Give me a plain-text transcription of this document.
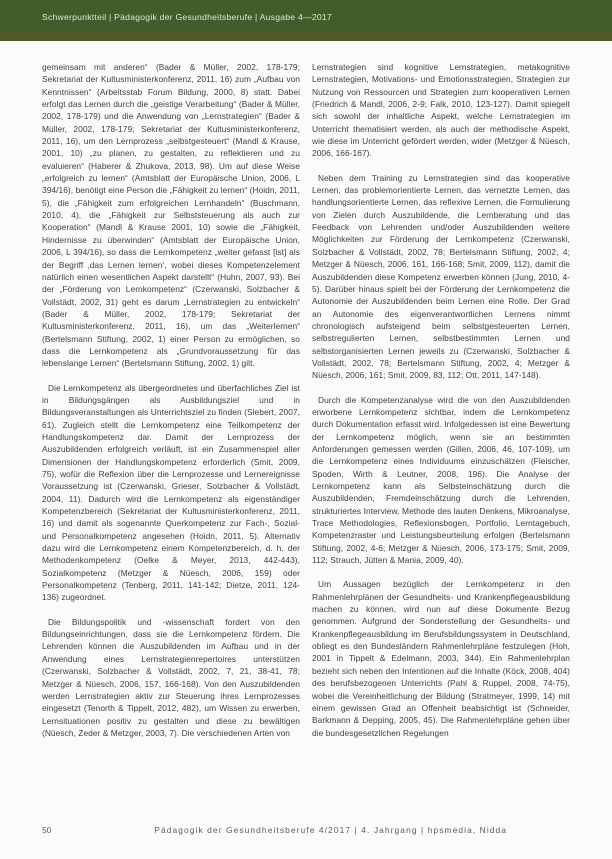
Schwerpunktteil | Pädagogik der Gesundheitsberufe | Ausgabe 4—2017

gemeinsam mit anderen“ (Bader & Müller, 2002, 178-179; Sekretariat der Kultusministerkonferenz, 2011, 16) zum „Aufbau von Kenntnissen“ (Arbeitsstab Forum Bildung, 2000, 8) statt. Dabei erfolgt das Lernen durch die „geistige Verarbeitung“ (Bader & Müller, 2002, 178-179) und die Anwendung von „Lernstrategien“ (Bader & Müller, 2002, 178-179; Sekretariat der Kultusministerkonferenz, 2011, 16), um den Lernprozess „selbstgesteuert“ (Mandl & Krause, 2001, 10) „zu planen, zu gestalten, zu reflektieren und zu evaluieren“ (Haberer & Zhukova, 2013, 98). Um auf diese Weise „erfolgreich zu lernen“ (Amtsblatt der Europäische Union, 2006, L 394/16), benötigt eine Person die „Fähigkeit zu lernen“ (Hoidn, 2011, 5), die „Fähigkeit zum erfolgreichen Lernhandeln“ (Buschmann, 2010, 4), die „Fähigkeit zur Selbststeuerung als auch zur Kooperation“ (Mandl & Krause 2001, 10) sowie die „Fähigkeit, Hindernisse zu überwinden“ (Amtsblatt der Europäische Union, 2006, L 394/16), so dass die Lernkompetenz „weiter gefasst [ist] als der Begriff ‚das Lernen lernen‘, wobei dieses Kompetenzelement natürlich einen wesentlichen Aspekt darstellt“ (Huhn, 2007, 93). Bei der „Förderung von Lernkompetenz“ (Czerwanski, Solzbacher & Vollstädt, 2002, 31) geht es darum „Lernstrategien zu entwickeln“ (Bader & Müller, 2002, 178-179; Sekretariat der Kultusministerkonferenz, 2011, 16), um das „Weiterlernen“ (Bertelsmann Stiftung, 2002, 1) einer Person zu ermöglichen, so dass die Lernkompetenz als „Grundvoraussetzung für das lebenslange Lernen“ (Bertelsmann Stiftung, 2002, 1) gilt.

Die Lernkompetenz als übergeordnetes und überfachliches Ziel ist in Bildungsgängen als Ausbildungsziel und in Bildungsveranstaltungen als Unterrichtsziel zu finden (Siebert, 2007, 61). Zugleich stellt die Lernkompetenz eine Teilkompetenz der Handlungskompetenz dar. Damit der Lernprozess der Auszubildenden erfolgreich verläuft, ist ein Zusammenspiel aller Dimensionen der Handlungskompetenz erforderlich (Smit, 2009, 75), wofür die Reflexion über die Lernprozesse und Lernereignisse Voraussetzung ist (Czerwanski, Grieser, Solzbacher & Vollstädt, 2004, 11). Dadurch wird die Lernkompetenz als eigenständiger Kompetenzbereich (Sekretariat der Kultusministerkonferenz, 2011, 16) und damit als sogenannte Querkompetenz zur Fach-, Sozial- und Personalkompetenz angesehen (Hoidn, 2011, 5). Alternativ dazu wird die Lernkompetenz einem Kompetenzbereich, d. h. der Methodenkompetenz (Oelke & Meyer, 2013, 442-443), Sozialkompetenz (Metzger & Nüesch, 2006, 159) oder Personalkompetenz (Tenberg, 2011, 141-142; Dietze, 2011, 124-136) zugeordnet.

Die Bildungspolitik und -wissenschaft fordert von den Bildungseinrichtungen, dass sie die Lernkompetenz fördern. Die Lehrenden können die Auszubildenden im Aufbau und in der Anwendung eines Lernstrategienrepertoires unterstützen (Czerwanski, Solzbacher & Vollstädt, 2002, 7, 21, 38-41, 78; Metzger & Nüesch, 2006, 157, 166-168). Von den Auszubildenden werden Lernstrategien aktiv zur Steuerung ihres Lernprozesses eingesetzt (Tenorth & Tippelt, 2012, 482), um Wissen zu erwerben, Lernsituationen positiv zu gestalten und diese zu bewältigen (Nüesch, Zeder & Metzger, 2003, 7). Die verschiedenen Arten von

Lernstrategien sind kognitive Lernstrategien, metakognitive Lernstrategien, Motivations- und Emotionsstrategien, Strategien zur Nutzung von Ressourcen und Strategien zum kooperativen Lernen (Friedrich & Mandl, 2006, 2-9; Falk, 2010, 123-127). Damit spiegelt sich sowohl der inhaltliche Aspekt, welche Lernstrategien im Unterricht thematisiert werden, als auch der methodische Aspekt, wie diese im Unterricht gefördert werden, wider (Metzger & Nüesch, 2006, 166-167).

Neben dem Training zu Lernstrategien sind das kooperative Lernen, das problemorientierte Lernen, das vernetzte Lernen, das handlungsorientierte Lernen, das reflexive Lernen, die Formulierung von Zielen durch Auszubildende, die Lernberatung und das Feedback von Lehrenden und/oder Auszubildenden weitere Möglichkeiten zur Förderung der Lernkompetenz (Czerwanski, Solzbacher & Vollstädt, 2002, 78; Bertelsmann Stiftung, 2002, 4; Metzger & Nüesch, 2006, 161, 166-168; Smit, 2009, 112), damit die Auszubildenden diese Kompetenz erwerben können (Jung, 2010, 4-5). Darüber hinaus spielt bei der Förderung der Lernkompetenz die Autonomie der Auszubildenden beim Lernen eine Rolle. Der Grad an Autonomie des eigenverantwortlichen Lernens nimmt chronologisch aufsteigend beim selbstgesteuerten Lernen, selbstregulierten Lernen, selbstbestimmten Lernen und selbstorganisierten Lernen jeweils zu (Czerwanski, Solzbacher & Vollstädt, 2002, 78; Bertelsmann Stiftung, 2002, 4; Metzger & Nüesch, 2006, 161; Smit, 2009, 83, 112; Ott, 2011, 147-148).

Durch die Kompetenzanalyse wird die von den Auszubildenden erworbene Lernkompetenz sichtbar, indem die Lernkompetenz durch Dokumentation erfasst wird. Infolgedessen ist eine Bewertung der Lernkompetenz möglich, wenn sie an bestimmten Anforderungen gemessen werden (Gillen, 2006, 46, 107-109), um die Lernkompetenz eines Individuums einzuschätzen (Fleischer, Spoden, Wirth & Leutner, 2008, 196). Die Analyse der Lernkompetenz kann als Selbsteinschätzung durch die Auszubildenden, Fremdeinschätzung durch die Lehrenden, strukturiertes Interview, Methode des lauten Denkens, Mikroanalyse, Trace Methodologies, Reflexionsbogen, Portfolio, Lerntagebuch, Kompetenzraster und Leistungsbeurteilung erfolgen (Bertelsmann Stiftung, 2002, 4-6; Metzger & Nüesch, 2006, 173-175; Smit, 2009, 112; Strauch, Jütten & Mania, 2009, 40).

Um Aussagen bezüglich der Lernkompetenz in den Rahmenlehrplänen der Gesundheits- und Krankenpflegeausbildung machen zu können, wird nun auf diese Dokumente Bezug genommen. Aufgrund der Sonderstellung der Gesundheits- und Krankenpflegeausbildung im Berufsbildungssystem in Deutschland, obliegt es den Bundesländern Rahmenlehrpläne festzulegen (Hoh, 2001 in Tippelt & Edelmann, 2003, 344). Ein Rahmenlehrplan bezieht sich neben den Intentionen auf die Inhalte (Köck, 2008, 404) des berufsbezogenen Unterrichts (Pahl & Ruppel, 2008, 74-75), wobei die Vereinheitlichung der Bildung (Stratmeyer, 1999, 14) mit einem gewissen Grad an Offenheit beabsichtigt ist (Schneider, Barkmann & Depping, 2005, 45). Die Rahmenlehrpläne gehen über die bundesgesetzlichen Regelungen

50	Pädagogik der Gesundheitsberufe 4/2017 | 4. Jahrgang | hpsmedia, Nidda
